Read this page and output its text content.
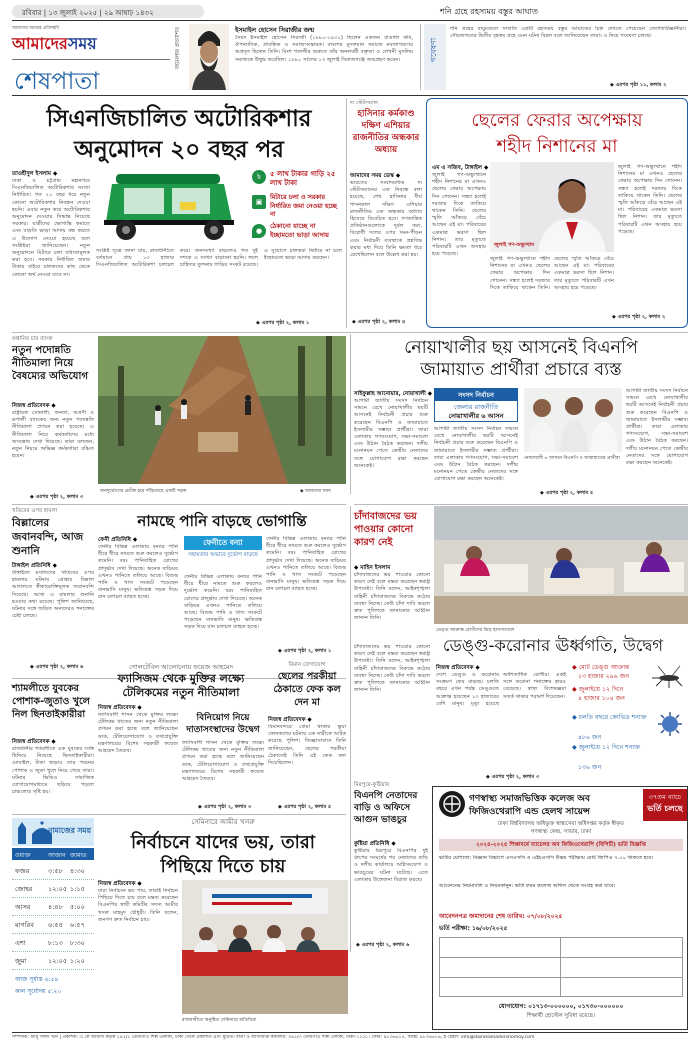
রবিবার | ১৩ জুলাই ২০২৫ | ২৯ আষাঢ় ১৪৩২	শনি গ্রহে রহস্যময় বস্তুর আঘাত
আমাদের সময়ের প্রতিচ্ছবি
আমাদেরসময়
শেষপাতা
বইমেলায় প্রত্যাশিত	ইসমাইল হোসেন সিরাজীর জন্ম
সৈয়দ ইসমাইল হোসেন সিরাজী (১৮৮০-১৯৩১) ছিলেন একজন বাঙালি কবি, ঔপন্যাসিক, প্রাবন্ধিক ও সমাজসংস্কারক। বাংলার মুসলমান সমাজে নবজাগরণের অগ্রদূত ছিলেন তিনি। বিংশ শতাব্দীর শুরুতে তাঁর অনলবর্ষী বক্তৃতা ও লেখনী মুসলিম সমাজকে উদ্বুদ্ধ করেছিল। ১৮৮০ সালের ১৩ জুলাই সিরাজগঞ্জে জন্মগ্রহণ করেন।	গবেষণা
শনি গ্রহের বায়ুমণ্ডলে সম্প্রতি একটি রহস্যময় বস্তুর আঘাতের চিহ্ন দেখতে পেয়েছেন জ্যোতির্বিজ্ঞানীরা। সৌরজগতের দ্বিতীয় বৃহত্তম গ্রহে এমন ঘটনা বিরল বলে জানিয়েছেন তারা। এ নিয়ে গবেষণা চলছে।
◆ এরপর পৃষ্ঠা ১১, কলাম ২
সিএনজিচালিত অটোরিকশার
অনুমোদন ২০ বছর পর
তাওহীদুল ইসলাম ◆
ঢাকা ও চট্টগ্রাম মহানগরে সিএনজিচালিত অটোরিকশার সংখ্যা নির্ধারিত। গত ২০ বছর ধরে নতুন কোনো অটোরিকশার নিবন্ধন দেওয়া হয়নি। এবার নতুন করে অটোরিকশার অনুমোদন দেওয়ার সিদ্ধান্ত নিয়েছে সরকার। যাত্রীদের ভোগান্তি কমাতে এবং বাড়তি ভাড়া আদায় বন্ধ করতে এ উদ্যোগ নেওয়া হয়েছে বলে সংশ্লিষ্টরা জানিয়েছেন। নতুন অনুমোদনে মিটারে চলা বাধ্যতামূলক করা হবে। সরকার নির্ধারিত জমার টাকার বাইরে চালকদের কাছ থেকে কোনো অর্থ নেওয়া যাবে না।
৳	৫ লাখ টাকার গাড়ি ২৫ লাখ টাকা
▣
মিটারে চলা ও সরকার নির্ধারিত জমা নেওয়া হচ্ছে না
●
ঠেকানো যাচ্ছে না ইচ্ছামতো ভাড়া আদায়
সংশ্লিষ্ট সূত্রে জানা যায়, রাজধানীতে বর্তমানে প্রায় ১৩ হাজার সিএনজিচালিত অটোরিকশা চলাচল করে। জনসংখ্যা বাড়লেও গত দুই দশকে এ সংখ্যা বাড়ানো হয়নি। ফলে চাহিদার তুলনায় গাড়ির সংকট রয়েছে। এ সুযোগে চালকরা মিটারে না চলে ইচ্ছামতো ভাড়া আদায় করছেন।
◆ এরপর পৃষ্ঠা ২, কলাম ১
দ্য স্টেটসম্যান
হাসিনার কর্মকাণ্ড দক্ষিণ এশিয়ার রাজনীতির অন্ধকার অধ্যায়
আমাদের সময় ডেস্ক ◆
ভারতের সংবাদমাধ্যম দ্য স্টেটসম্যানের এক নিবন্ধে বলা হয়েছে, শেখ হাসিনার দীর্ঘ শাসনকাল দক্ষিণ এশিয়ার রাজনীতির এক অন্ধকার অধ্যায় হিসেবে বিবেচিত হবে। গণতান্ত্রিক প্রতিষ্ঠানগুলোকে দুর্বল করা, বিরোধী দলের ওপর দমন-পীড়ন এবং নির্বাচনী ব্যবস্থাকে প্রশ্নবিদ্ধ করার মধ্য দিয়ে তিনি ক্ষমতা ধরে রেখেছিলেন বলে উল্লেখ করা হয়।
◆ এরপর পৃষ্ঠা ২, কলাম ৪
ছেলের ফেরার অপেক্ষায়
শহীদ নিশানের মা
এম এ সজিব, টাঙ্গাইল ◆
জুলাই গণ-অভ্যুত্থানে শহীদ নিশানের মা এখনও ছেলের ফেরার অপেক্ষায় দিন গোনেন। সন্ধ্যা হলেই দরজার দিকে তাকিয়ে থাকেন তিনি। ছেলের স্মৃতি আঁকড়ে বেঁচে আছেন এই মা। পরিবারের একমাত্র ভরসা ছিল নিশান। তার মৃত্যুতে পরিবারটি এখন অসহায় হয়ে পড়েছে।
জুলাই গণ-অভ্যুত্থান
জুলাই গণ-অভ্যুত্থানে শহীদ নিশানের মা এখনও ছেলের ফেরার অপেক্ষায় দিন গোনেন। সন্ধ্যা হলেই দরজার দিকে তাকিয়ে থাকেন তিনি। ছেলের স্মৃতি আঁকড়ে বেঁচে আছেন এই মা। পরিবারের একমাত্র ভরসা ছিল নিশান। তার মৃত্যুতে পরিবারটি এখন অসহায় হয়ে পড়েছে।
জুলাই গণ-অভ্যুত্থানে শহীদ নিশানের মা এখনও ছেলের ফেরার অপেক্ষায় দিন গোনেন। সন্ধ্যা হলেই দরজার দিকে তাকিয়ে থাকেন তিনি। ছেলের স্মৃতি আঁকড়ে বেঁচে আছেন এই মা। পরিবারের একমাত্র ভরসা ছিল নিশান। তার মৃত্যুতে পরিবারটি এখন অসহায় হয়ে পড়েছে।
◆ এরপর পৃষ্ঠা ২, কলাম ২
রপ্তানির চার ব্যাংক
নতুন পদোন্নতি নীতিমালা নিয়ে বৈষম্যের অভিযোগ
নিজস্ব প্রতিবেদক ◆
রাষ্ট্রায়ত্ত সোনালী, জনতা, অগ্রণী ও রূপালী ব্যাংকের জন্য নতুন পদোন্নতি নীতিমালা প্রণয়ন করা হয়েছে। এ নীতিমালা নিয়ে কর্মকর্তাদের মধ্যে অসন্তোষ দেখা দিয়েছে। তারা বলছেন, নতুন নিয়মে অভিজ্ঞ কর্মকর্তারা বঞ্চিত হবেন।
◆ এরপর পৃষ্ঠা ২, কলাম ৩
জনদুর্ভোগের প্রতীক হয়ে দাঁড়িয়েছে একটি সড়ক	◆ আমাদের সময়
নোয়াখালীর ছয় আসনেই বিএনপি
জামায়াত প্রার্থীরা প্রচারে ব্যস্ত
সাইফুল্লাহ আনোয়ার, নোয়াখালী ◆
আগামী জাতীয় সংসদ নির্বাচন সামনে রেখে নোয়াখালীর ছয়টি আসনেই নির্বাচনী প্রচার শুরু করেছেন বিএনপি ও জামায়াতে ইসলামীর সম্ভাব্য প্রার্থীরা। তারা এলাকায় গণসংযোগ, সভা-সমাবেশ এবং উঠান বৈঠক করছেন। দলীয় মনোনয়ন পেতে কেন্দ্রীয় নেতাদের সঙ্গে যোগাযোগ রক্ষা করছেন অনেকেই।
সংসদ নির্বাচন
জেলার রাজনীতি
নোয়াখালীর ৬ আসন
আগামী জাতীয় সংসদ নির্বাচন সামনে রেখে নোয়াখালীর ছয়টি আসনেই নির্বাচনী প্রচার শুরু করেছেন বিএনপি ও জামায়াতে ইসলামীর সম্ভাব্য প্রার্থীরা। তারা এলাকায় গণসংযোগ, সভা-সমাবেশ এবং উঠান বৈঠক করছেন। দলীয় মনোনয়ন পেতে কেন্দ্রীয় নেতাদের সঙ্গে যোগাযোগ রক্ষা করছেন অনেকেই।
নোয়াখালী ৬ আসনে বিএনপি ও জামায়াতের প্রার্থীরা
আগামী জাতীয় সংসদ নির্বাচন সামনে রেখে নোয়াখালীর ছয়টি আসনেই নির্বাচনী প্রচার শুরু করেছেন বিএনপি ও জামায়াতে ইসলামীর সম্ভাব্য প্রার্থীরা। তারা এলাকায় গণসংযোগ, সভা-সমাবেশ এবং উঠান বৈঠক করছেন। দলীয় মনোনয়ন পেতে কেন্দ্রীয় নেতাদের সঙ্গে যোগাযোগ রক্ষা করছেন অনেকেই।
◆ এরপর পৃষ্ঠা ২, কলাম ৫
খতিবের ওপর হামলা
বিল্লালের জবানবন্দি, আজ শুনানি
টাঙ্গাইল প্রতিনিধি ◆
টাঙ্গাইলে মসজিদের খতিবের ওপর হামলার ঘটনায় গ্রেপ্তার বিল্লাল আদালতে স্বীকারোক্তিমূলক জবানবন্দি দিয়েছে। আজ এ মামলার শুনানি হওয়ার কথা রয়েছে। পুলিশ জানিয়েছে, ঘটনার সঙ্গে জড়িত অন্যদেরও শনাক্তের চেষ্টা চলছে।
◆ এরপর পৃষ্ঠা ২, কলাম ৬
নামছে পানি বাড়ছে ভোগান্তি
ফেনী প্রতিনিধি ◆
ফেনীর বিভিন্ন এলাকায় বন্যার পানি ধীরে ধীরে নামতে শুরু করলেও দুর্ভোগ কমেনি। বরং পানিবাহিত রোগের প্রাদুর্ভাব দেখা দিয়েছে। অনেক বাড়িঘর এখনও পানিতে তলিয়ে আছে। বিশুদ্ধ পানি ও খাদ্য সংকটে পড়েছেন বানভাসি মানুষ। ক্ষতিগ্রস্ত সড়ক দিয়ে যান চলাচল ব্যাহত হচ্ছে।
ফেনীতে বন্যা
সহায়তার অভাবে দুর্ভোগ বাড়ছে
ফেনীর বিভিন্ন এলাকায় বন্যার পানি ধীরে ধীরে নামতে শুরু করলেও দুর্ভোগ কমেনি। বরং পানিবাহিত রোগের প্রাদুর্ভাব দেখা দিয়েছে। অনেক বাড়িঘর এখনও পানিতে তলিয়ে আছে। বিশুদ্ধ পানি ও খাদ্য সংকটে পড়েছেন বানভাসি মানুষ। ক্ষতিগ্রস্ত সড়ক দিয়ে যান চলাচল ব্যাহত হচ্ছে।
ফেনীর বিভিন্ন এলাকায় বন্যার পানি ধীরে ধীরে নামতে শুরু করলেও দুর্ভোগ কমেনি। বরং পানিবাহিত রোগের প্রাদুর্ভাব দেখা দিয়েছে। অনেক বাড়িঘর এখনও পানিতে তলিয়ে আছে। বিশুদ্ধ পানি ও খাদ্য সংকটে পড়েছেন বানভাসি মানুষ। ক্ষতিগ্রস্ত সড়ক দিয়ে যান চলাচল ব্যাহত হচ্ছে।
◆ এরপর পৃষ্ঠা ২, কলাম ১
চাঁদাবাজদের ভয় পাওয়ার কোনো কারণ নেই
◆ মাহিন ইসলাম
চাঁদাবাজদের ভয় পাওয়ার কোনো কারণ নেই বলে মন্তব্য করেছেন স্বরাষ্ট্র উপদেষ্টা। তিনি বলেন, আইনশৃঙ্খলা বাহিনী চাঁদাবাজদের বিরুদ্ধে কঠোর ব্যবস্থা নিচ্ছে। কেউ চাঁদা দাবি করলে দ্রুত পুলিশকে জানানোর আহ্বান জানান তিনি।
ডেঙ্গু আক্রান্ত রোগীদের ভিড় হাসপাতালে
ডেঙ্গু-করোনার ঊর্ধ্বগতি, উদ্বেগ
চাঁদাবাজদের ভয় পাওয়ার কোনো কারণ নেই বলে মন্তব্য করেছেন স্বরাষ্ট্র উপদেষ্টা। তিনি বলেন, আইনশৃঙ্খলা বাহিনী চাঁদাবাজদের বিরুদ্ধে কঠোর ব্যবস্থা নিচ্ছে। কেউ চাঁদা দাবি করলে দ্রুত পুলিশকে জানানোর আহ্বান জানান তিনি।
নিজস্ব প্রতিবেদক ◆
দেশে ডেঙ্গু ও করোনার সংক্রমণ ফের বাড়ছে। চলতি বছরে এখন পর্যন্ত ডেঙ্গুতে আক্রান্ত হয়েছেন ১৩ হাজারের বেশি মানুষ। মৃত্যু হয়েছে অর্ধশতাধিক রোগীর। একই সঙ্গে করোনা শনাক্তের হারও বেড়েছে। স্বাস্থ্য বিশেষজ্ঞরা সতর্ক থাকার পরামর্শ দিয়েছেন।
◆ মোট ডেঙ্গু আক্রান্ত
১৩ হাজার ২৯৬ জন
◆ জুলাইয়ে ১২ দিনে
৪ হাজার ১০৪ জন
◆ চলতি বছরে কোভিড শনাক্ত
৪৮৬ জন
◆ জুলাইয়ে ১২ দিনে শনাক্ত
১৩৬ জন
◆ এরপর পৃষ্ঠা ২, কলাম ৩
শ্যামলীতে যুবকের পোশাক-জুতাও খুলে নিল ছিনতাইকারীরা
নিজস্ব প্রতিবেদক ◆
রাজধানীর শ্যামলীতে এক যুবকের সর্বস্ব ছিনিয়ে নিয়েছে ছিনতাইকারীরা। মোবাইল, টাকা ছাড়াও তার পরনের পোশাক ও জুতা খুলে নিয়ে গেছে তারা। ঘটনার ভিডিও সামাজিক যোগাযোগমাধ্যমে ছড়িয়ে পড়লে চাঞ্চল্যের সৃষ্টি হয়।
গোলটেবিল আলোচনায় ফয়েজ আহমেদ
ফ্যাসিজম থেকে মুক্তির লক্ষ্যে টেলিকমের নতুন নীতিমালা
নিজস্ব প্রতিবেদক ◆
ফ্যাসিবাদী শাসন থেকে মুক্তির লক্ষ্যে টেলিকম খাতের জন্য নতুন নীতিমালা প্রণয়ন করা হচ্ছে বলে জানিয়েছেন ডাক, টেলিযোগাযোগ ও তথ্যপ্রযুক্তি মন্ত্রণালয়ের বিশেষ সহকারী ফয়েজ আহমেদ তৈয়্যব।
বিনিয়োগ নিয়ে দাতাসংস্থাদের উদ্বেগ
ফ্যাসিবাদী শাসন থেকে মুক্তির লক্ষ্যে টেলিকম খাতের জন্য নতুন নীতিমালা প্রণয়ন করা হচ্ছে বলে জানিয়েছেন ডাক, টেলিযোগাযোগ ও তথ্যপ্রযুক্তি মন্ত্রণালয়ের বিশেষ সহকারী ফয়েজ আহমেদ তৈয়্যব।
◆ এরপর পৃষ্ঠা ২, কলাম ৩
বিমান যোগাযোগ
ছেলের পরকীয়া ঠেকাতে ফেক কল দেন মা
নিজস্ব প্রতিবেদক ◆
বিমানবন্দরে বোমা থাকার ভুয়া ফোনকলের ঘটনায় এক নারীকে আটক করেছে পুলিশ। জিজ্ঞাসাবাদে তিনি জানিয়েছেন, ছেলের পরকীয়া ঠেকাতেই তিনি এই ফেক কল দিয়েছিলেন।
◆ এরপর পৃষ্ঠা ২, কলাম ৫
নামাজের সময়
ওয়াক্ত	আজান জামাত
ফজর	৩:৫৮ ৪:৩০
জোহর ১২:০৫ ১:১৫
আসর	৪:৪৮ ৫:০০
মাগরিব ৬:৫৪ ৬:৫৭
এশা	৮:১৩ ৮:৩০
জুমা	১২:০৫ ১:২০
আজ সূর্যাস্ত ৬:৫৪
কাল সূর্যোদয় ৫:২০
সেমিনারে আমীর খসরু
নির্বাচনে যাদের ভয়, তারা
পিছিয়ে দিতে চায়
নিজস্ব প্রতিবেদক ◆
যারা নির্বাচনে ভয় পায়, তারাই নির্বাচন পিছিয়ে দিতে চায় বলে মন্তব্য করেছেন বিএনপির স্থায়ী কমিটির সদস্য আমীর খসরু মাহমুদ চৌধুরী। তিনি বলেন, জনগণ দ্রুত নির্বাচন চায়।
রাজধানীতে অনুষ্ঠিত সেমিনারে অতিথিরা
মিরপুরে-কুষ্টিয়ায়
বিএনপি নেতাদের বাড়ি ও অফিসে আগুন ভাঙচুর
কুষ্টিয়া প্রতিনিধি ◆
কুষ্টিয়ার মিরপুরে বিএনপির দুই গ্রুপের সংঘর্ষের পর নেতাদের বাড়ি ও দলীয় কার্যালয়ে অগ্নিসংযোগ ও ভাঙচুরের ঘটনা ঘটেছে। এতে এলাকায় উত্তেজনা বিরাজ করছে।
◆ এরপর পৃষ্ঠা ২, কলাম ৬
গণস্বাস্থ্য সমাজভিত্তিক কলেজ অব
ফিজিওথেরাপি এন্ড হেলথ সায়েন্স
৩৭তম ব্যাচে
ভর্তি চলছে
ঢাকা বিশ্ববিদ্যালয় অধিভুক্ত স্বাস্থ্যসেবা অধিদপ্তর কর্তৃক স্বীকৃত
গণস্বাস্থ্য কেন্দ্র, সাভার, ঢাকা
২০২৪-২০২৫ শিক্ষাবর্ষে ব্যাচেলর অব ফিজিওথেরাপি (বিপিটি) ভর্তি বিজ্ঞপ্তি
ভর্তির যোগ্যতা: বিজ্ঞান বিভাগে এসএসসি ও এইচএসসি উভয় পরীক্ষায় মোট জিপিএ ৭.০০ থাকতে হবে।
আবেদনের নিয়মাবলি ও নিয়মকানুন: ভর্তি ফরম কলেজ অফিস থেকে সংগ্রহ করা যাবে।
আবেদনপত্র জমাদানের শেষ তারিখ: ০৭/০৮/২০২৫
ভর্তি পরীক্ষা: ১৬/০৮/২০২৫
যোগাযোগ: ০১৭১৩-০০০০০০, ০১৭৩০-০০০০০০
শিক্ষার্থী হোস্টেল সুবিধা রয়েছে।
সম্পাদক: আবু সাঈদ খান | প্রকাশক: এ কে আজাদ কর্তৃক ২৯২/১ তেজগাঁও শিল্প এলাকা, ঢাকা থেকে প্রকাশিত এবং মুদ্রিত। বার্তা ও বাণিজ্যিক কার্যালয়: ৩৯৫/৩ তেজগাঁও শিল্প এলাকা, ঢাকা-১২০৮। ফোন: ৯৮৩৬৬১৫, ফ্যাক্স: ৯৮৩৬৬১৬, ই-মেইল: info@dainikamadershomoy.com
